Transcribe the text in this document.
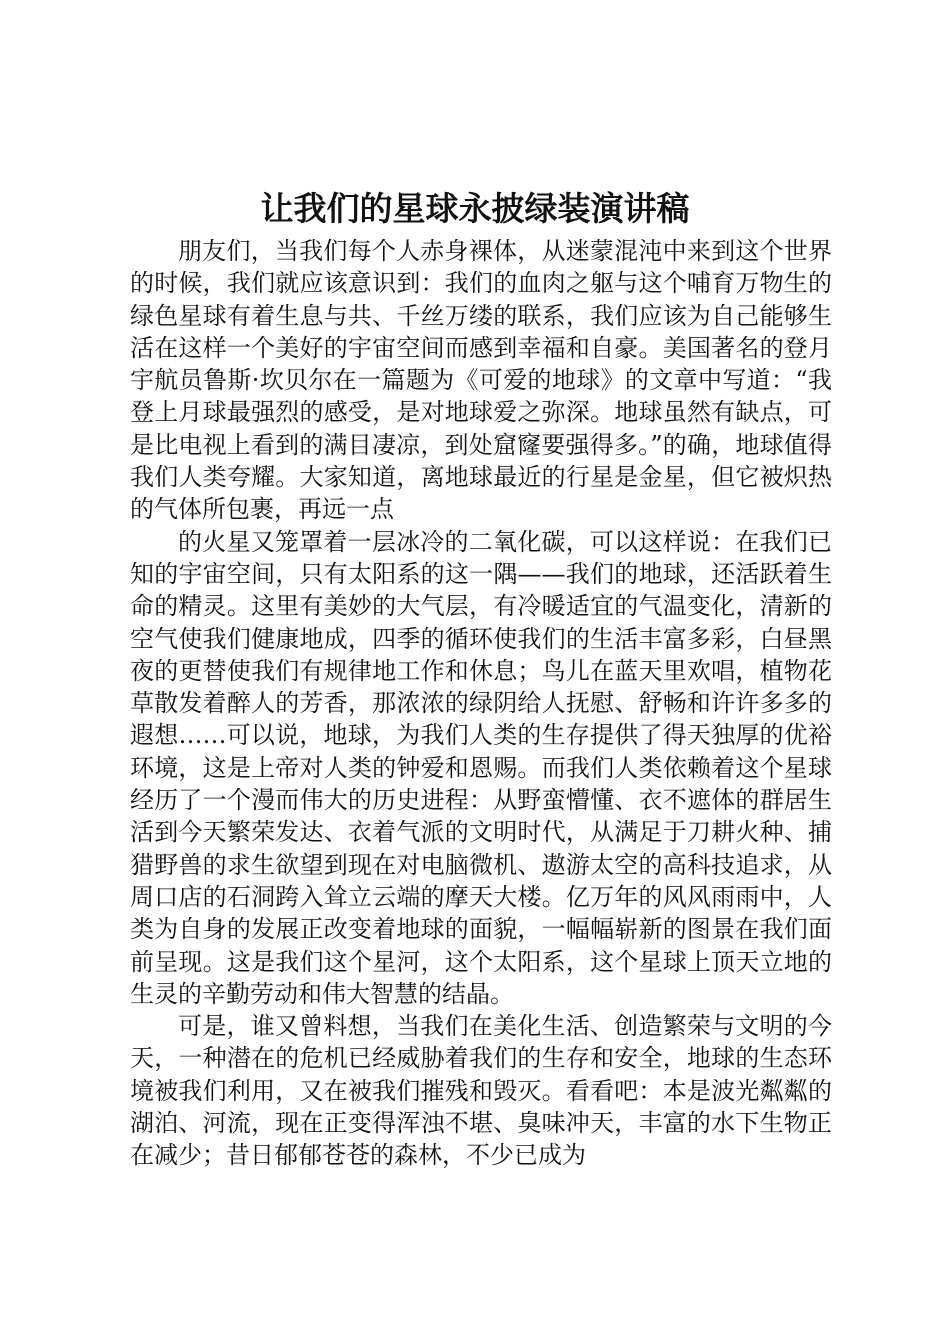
让我们的星球永披绿装演讲稿

朋友们，当我们每个人赤身裸体，从迷蒙混沌中来到这个世界的时候，我们就应该意识到：我们的血肉之躯与这个哺育万物生的绿色星球有着生息与共、千丝万缕的联系，我们应该为自己能够生活在这样一个美好的宇宙空间而感到幸福和自豪。美国著名的登月宇航员鲁斯·坎贝尔在一篇题为《可爱的地球》的文章中写道：“我登上月球最强烈的感受，是对地球爱之弥深。地球虽然有缺点，可是比电视上看到的满目凄凉，到处窟窿要强得多。”的确，地球值得我们人类夸耀。大家知道，离地球最近的行星是金星，但它被炽热的气体所包裹，再远一点

的火星又笼罩着一层冰冷的二氧化碳，可以这样说：在我们已知的宇宙空间，只有太阳系的这一隅——我们的地球，还活跃着生命的精灵。这里有美妙的大气层，有冷暖适宜的气温变化，清新的空气使我们健康地成，四季的循环使我们的生活丰富多彩，白昼黑夜的更替使我们有规律地工作和休息；鸟儿在蓝天里欢唱，植物花草散发着醉人的芳香，那浓浓的绿阴给人抚慰、舒畅和许许多多的遐想……可以说，地球，为我们人类的生存提供了得天独厚的优裕环境，这是上帝对人类的钟爱和恩赐。而我们人类依赖着这个星球经历了一个漫而伟大的历史进程：从野蛮懵懂、衣不遮体的群居生活到今天繁荣发达、衣着气派的文明时代，从满足于刀耕火种、捕猎野兽的求生欲望到现在对电脑微机、遨游太空的高科技追求，从周口店的石洞跨入耸立云端的摩天大楼。亿万年的风风雨雨中，人类为自身的发展正改变着地球的面貌，一幅幅崭新的图景在我们面前呈现。这是我们这个星河，这个太阳系，这个星球上顶天立地的生灵的辛勤劳动和伟大智慧的结晶。

可是，谁又曾料想，当我们在美化生活、创造繁荣与文明的今天，一种潜在的危机已经威胁着我们的生存和安全，地球的生态环境被我们利用，又在被我们摧残和毁灭。看看吧：本是波光粼粼的湖泊、河流，现在正变得浑浊不堪、臭味冲天，丰富的水下生物正在减少；昔日郁郁苍苍的森林，不少已成为
